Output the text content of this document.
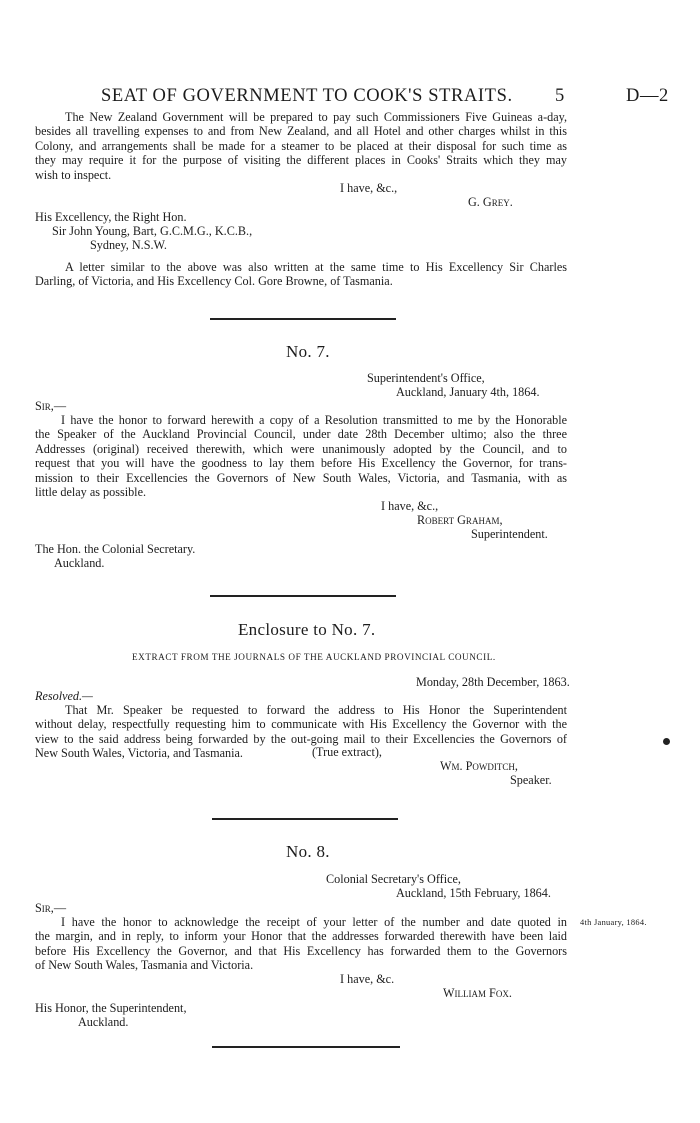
SEAT OF GOVERNMENT TO COOK'S STRAITS. 5	D—2
The New Zealand Government will be prepared to pay such Commissioners Five Guineas a-day,
besides all travelling expenses to and from New Zealand, and all Hotel and other charges whilst in this
Colony, and arrangements shall be made for a steamer to be placed at their disposal for such time as
they may require it for the purpose of visiting the different places in Cooks' Straits which they may
wish to inspect.
I have, &c.,
G. Grey.
His Excellency, the Right Hon.
Sir John Young, Bart, G.C.M.G., K.C.B.,
Sydney, N.S.W.
A letter similar to the above was also written at the same time to His Excellency Sir Charles
Darling, of Victoria, and His Excellency Col. Gore Browne, of Tasmania.
No. 7.
Superintendent's Office,
Auckland, January 4th, 1864.
Sir,—
I have the honor to forward herewith a copy of a Resolution transmitted to me by the Honorable
the Speaker of the Auckland Provincial Council, under date 28th December ultimo; also the three
Addresses (original) received therewith, which were unanimously adopted by the Council, and to
request that you will have the goodness to lay them before His Excellency the Governor, for trans-
mission to their Excellencies the Governors of New South Wales, Victoria, and Tasmania, with as
little delay as possible.
I have, &c.,
Robert Graham,
Superintendent.
The Hon. the Colonial Secretary.
Auckland.
Enclosure to No. 7.
EXTRACT FROM THE JOURNALS OF THE AUCKLAND PROVINCIAL COUNCIL.
Monday, 28th December, 1863.
Resolved.—
That Mr. Speaker be requested to forward the address to His Honor the Superintendent
without delay, respectfully requesting him to communicate with His Excellency the Governor with the
view to the said address being forwarded by the out-going mail to their Excellencies the Governors of
New South Wales, Victoria, and Tasmania.	(True extract),
Wm. Powditch,
Speaker.
No. 8.
Colonial Secretary's Office,
Auckland, 15th February, 1864.
Sir,—
I have the honor to acknowledge the receipt of your letter of the number and date quoted in
the margin, and in reply, to inform your Honor that the addresses forwarded therewith have been laid
before His Excellency the Governor, and that His Excellency has forwarded them to the Governors
of New South Wales, Tasmania and Victoria.
4th January, 1864.
I have, &c.
William Fox.
His Honor, the Superintendent,
Auckland.
